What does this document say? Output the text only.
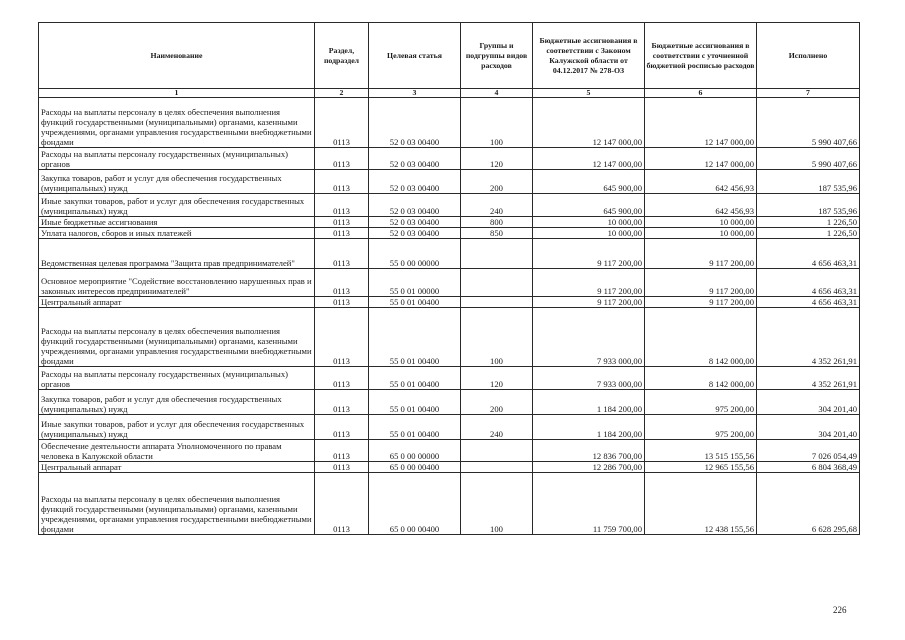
Наименование	Раздел, подраздел	Целевая статья	Группы и подгруппы видов расходов	Бюджетные ассигнования в соответствии с Законом Калужской области от 04.12.2017 № 278-ОЗ	Бюджетные ассигнования в соответствии с уточненной бюджетной росписью расходов	Исполнено
1	2	3	4	5	6	7
Расходы на выплаты персоналу в целях обеспечения выполнения функций государственными (муниципальными) органами, казенными учреждениями, органами управления государственными внебюджетными фондами	0113	52 0 03 00400	100	12 147 000,00	12 147 000,00	5 990 407,66
Расходы на выплаты персоналу государственных (муниципальных) органов	0113	52 0 03 00400	120	12 147 000,00	12 147 000,00	5 990 407,66
Закупка товаров, работ и услуг для обеспечения государственных (муниципальных) нужд	0113	52 0 03 00400	200	645 900,00	642 456,93	187 535,96
Иные закупки товаров, работ и услуг для обеспечения государственных (муниципальных) нужд	0113	52 0 03 00400	240	645 900,00	642 456,93	187 535,96
Иные бюджетные ассигнования	0113	52 0 03 00400	800	10 000,00	10 000,00	1 226,50
Уплата налогов, сборов и иных платежей	0113	52 0 03 00400	850	10 000,00	10 000,00	1 226,50
Ведомственная целевая программа "Защита прав предпринимателей"	0113	55 0 00 00000		9 117 200,00	9 117 200,00	4 656 463,31
Основное мероприятие "Содействие восстановлению нарушенных прав и законных интересов предпринимателей"	0113	55 0 01 00000		9 117 200,00	9 117 200,00	4 656 463,31
Центральный аппарат	0113	55 0 01 00400		9 117 200,00	9 117 200,00	4 656 463,31
Расходы на выплаты персоналу в целях обеспечения выполнения функций государственными (муниципальными) органами, казенными учреждениями, органами управления государственными внебюджетными фондами	0113	55 0 01 00400	100	7 933 000,00	8 142 000,00	4 352 261,91
Расходы на выплаты персоналу государственных (муниципальных) органов	0113	55 0 01 00400	120	7 933 000,00	8 142 000,00	4 352 261,91
Закупка товаров, работ и услуг для обеспечения государственных (муниципальных) нужд	0113	55 0 01 00400	200	1 184 200,00	975 200,00	304 201,40
Иные закупки товаров, работ и услуг для обеспечения государственных (муниципальных) нужд	0113	55 0 01 00400	240	1 184 200,00	975 200,00	304 201,40
Обеспечение деятельности аппарата Уполномоченного по правам человека в Калужской области	0113	65 0 00 00000		12 836 700,00	13 515 155,56	7 026 054,49
Центральный аппарат	0113	65 0 00 00400		12 286 700,00	12 965 155,56	6 804 368,49
Расходы на выплаты персоналу в целях обеспечения выполнения функций государственными (муниципальными) органами, казенными учреждениями, органами управления государственными внебюджетными фондами	0113	65 0 00 00400	100	11 759 700,00	12 438 155,56	6 628 295,68
226
